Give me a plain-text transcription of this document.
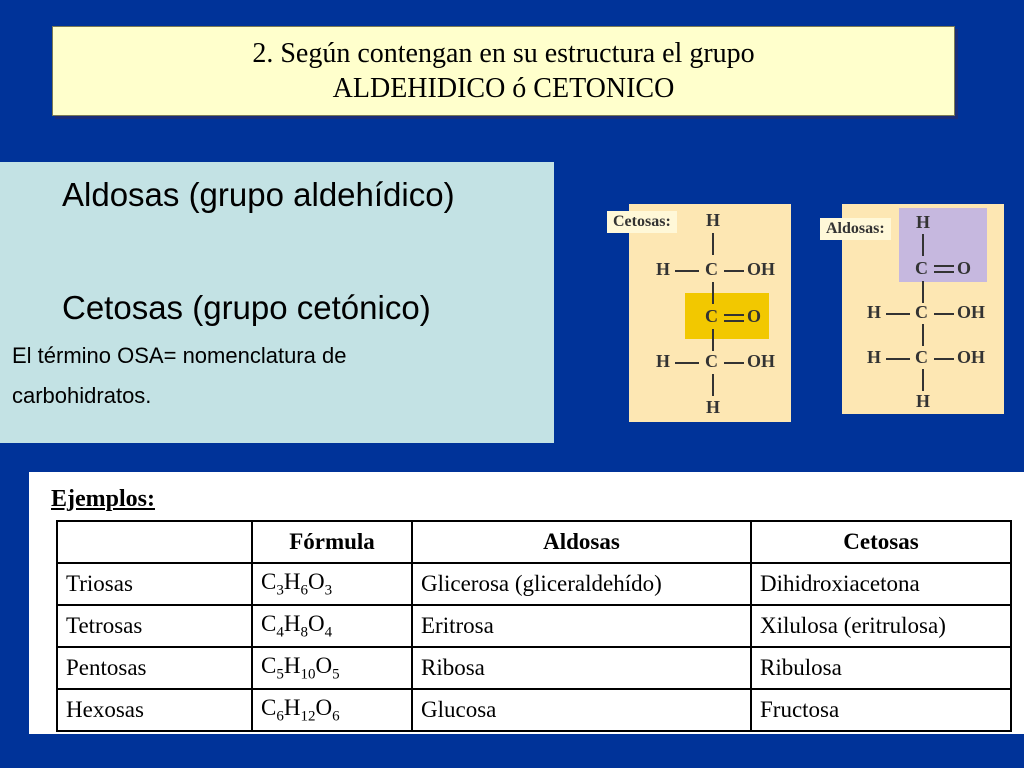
2. Según contengan en su estructura el grupo
ALDEHIDICO ó CETONICO
Aldosas (grupo aldehídico)
Cetosas (grupo cetónico)
El término OSA= nomenclatura de
carbohidratos.
H
H C OH
C O
H C OH
H
Cetosas:	H
C O
H C OH
H C OH
H
Aldosas:
Ejemplos:
	Fórmula	Aldosas	Cetosas
Triosas	$C_3H_6O_3$	Glicerosa (gliceraldehído)	Dihidroxiacetona
Tetrosas	$C_4H_8O_4$	Eritrosa	Xilulosa (eritrulosa)
Pentosas	$C_5H_{10}O_5$	Ribosa	Ribulosa
Hexosas	$C_6H_{12}O_6$	Glucosa	Fructosa
